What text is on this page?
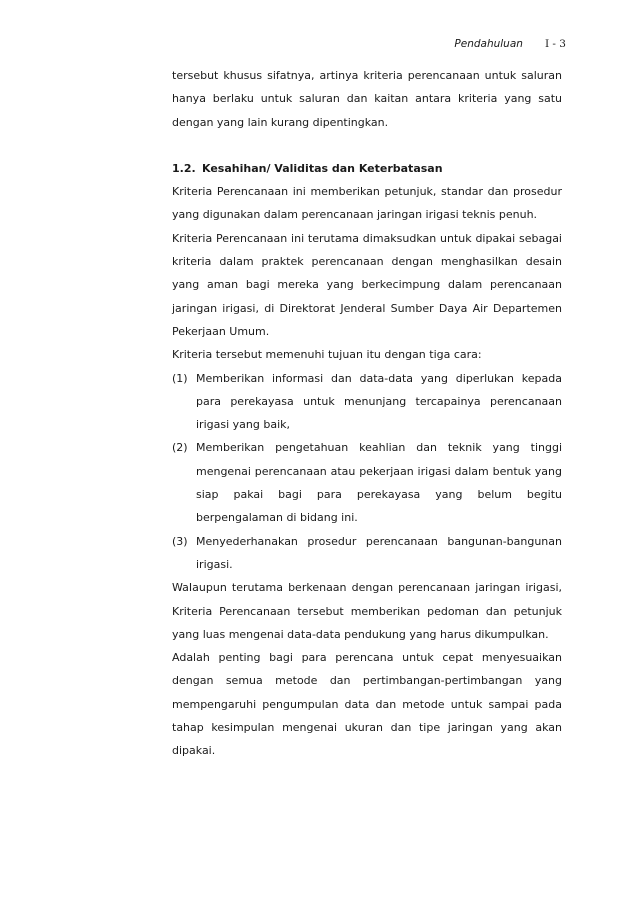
Pendahuluan I - 3

tersebut khusus sifatnya, artinya kriteria perencanaan untuk saluran hanya berlaku untuk saluran dan kaitan antara kriteria yang satu dengan yang lain kurang dipentingkan.

1.2. Kesahihan/ Validitas dan Keterbatasan

Kriteria Perencanaan ini memberikan petunjuk, standar dan prosedur yang digunakan dalam perencanaan jaringan irigasi teknis penuh.

Kriteria Perencanaan ini terutama dimaksudkan untuk dipakai sebagai kriteria dalam praktek perencanaan dengan menghasilkan desain yang aman bagi mereka yang berkecimpung dalam perencanaan jaringan irigasi, di Direktorat Jenderal Sumber Daya Air Departemen Pekerjaan Umum.

Kriteria tersebut memenuhi tujuan itu dengan tiga cara:

(1) Memberikan informasi dan data-data yang diperlukan kepada para perekayasa untuk menunjang tercapainya perencanaan irigasi yang baik,
(2) Memberikan pengetahuan keahlian dan teknik yang tinggi mengenai perencanaan atau pekerjaan irigasi dalam bentuk yang siap pakai bagi para perekayasa yang belum begitu berpengalaman di bidang ini.
(3) Menyederhanakan prosedur perencanaan bangunan-bangunan irigasi.

WaIaupun terutama berkenaan dengan perencanaan jaringan irigasi, Kriteria Perencanaan tersebut memberikan pedoman dan petunjuk yang luas mengenai data-data pendukung yang harus dikumpulkan.

Adalah penting bagi para perencana untuk cepat menyesuaikan dengan semua metode dan pertimbangan-pertimbangan yang mempengaruhi pengumpulan data dan metode untuk sampai pada tahap kesimpulan mengenai ukuran dan tipe jaringan yang akan dipakai.
